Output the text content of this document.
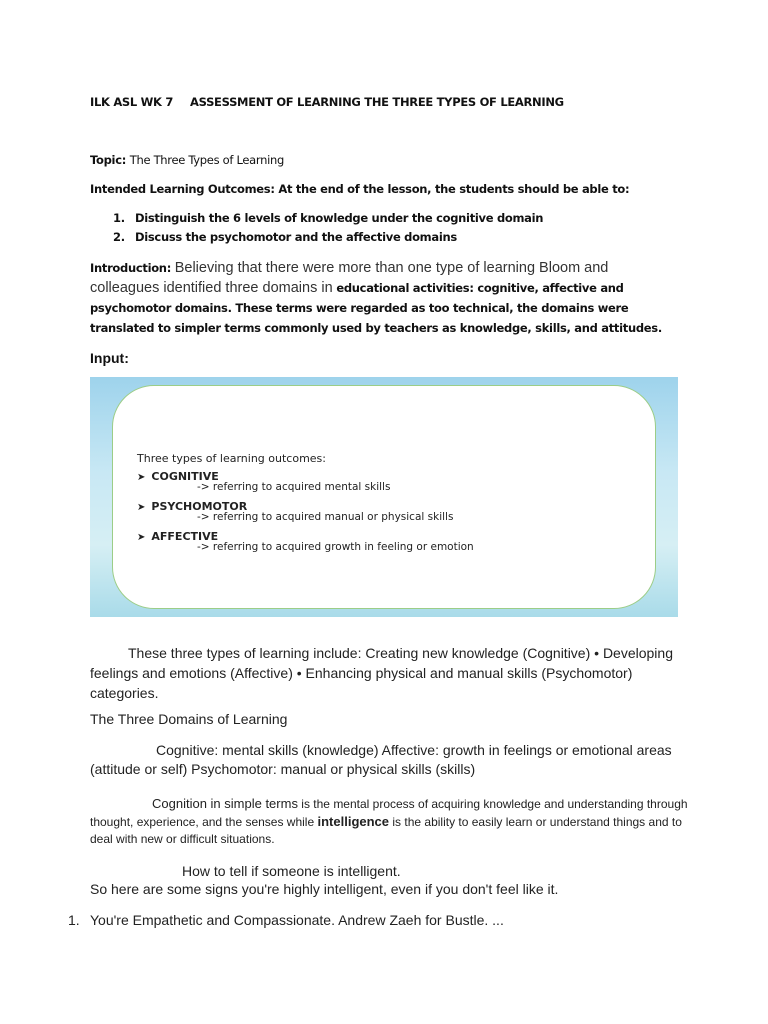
ILK ASL WK 7 ASSESSMENT OF LEARNING THE THREE TYPES OF LEARNING
Topic: The Three Types of Learning
Intended Learning Outcomes: At the end of the lesson, the students should be able to:
1. Distinguish the 6 levels of knowledge under the cognitive domain
2. Discuss the psychomotor and the affective domains
Introduction: Believing that there were more than one type of learning Bloom and colleagues identified three domains in educational activities: cognitive, affective and psychomotor domains. These terms were regarded as too technical, the domains were translated to simpler terms commonly used by teachers as knowledge, skills, and attitudes.
Input:
Three types of learning outcomes:
➤ COGNITIVE
-> referring to acquired mental skills
➤ PSYCHOMOTOR
-> referring to acquired manual or physical skills
➤ AFFECTIVE
-> referring to acquired growth in feeling or emotion
These three types of learning include: Creating new knowledge (Cognitive) • Developing feelings and emotions (Affective) • Enhancing physical and manual skills (Psychomotor) categories.
The Three Domains of Learning
Cognitive: mental skills (knowledge) Affective: growth in feelings or emotional areas (attitude or self) Psychomotor: manual or physical skills (skills)
Cognition in simple terms is the mental process of acquiring knowledge and understanding through thought, experience, and the senses while intelligence is the ability to easily learn or understand things and to deal with new or difficult situations.
How to tell if someone is intelligent.
So here are some signs you're highly intelligent, even if you don't feel like it.
1. You're Empathetic and Compassionate. Andrew Zaeh for Bustle. ...
